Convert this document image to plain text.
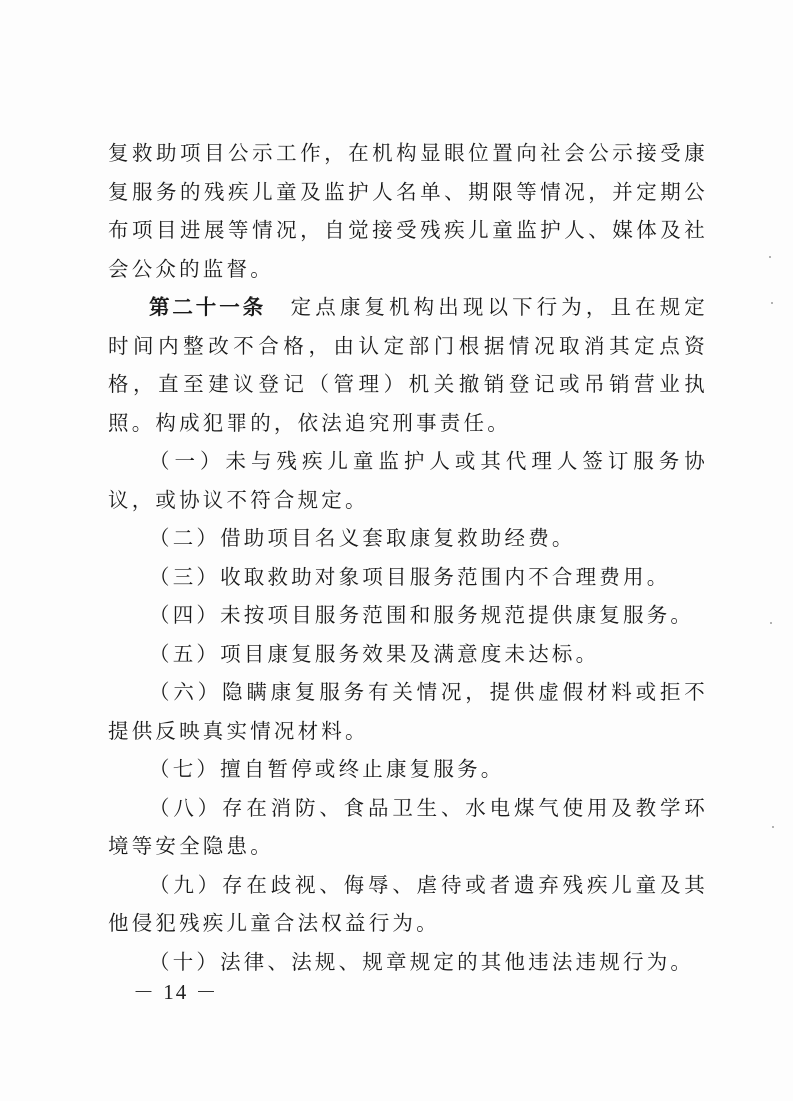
复救助项目公示工作，在机构显眼位置向社会公示接受康复服务的残疾儿童及监护人名单、期限等情况，并定期公布项目进展等情况，自觉接受残疾儿童监护人、媒体及社会公众的监督。

第二十一条　 定点康复机构出现以下行为，且在规定时间内整改不合格，由认定部门根据情况取消其定点资格，直至建议登记（管理）机关撤销登记或吊销营业执照。构成犯罪的，依法追究刑事责任。

（一）未与残疾儿童监护人或其代理人签订服务协议，或协议不符合规定。

（二）借助项目名义套取康复救助经费。

（三）收取救助对象项目服务范围内不合理费用。

（四）未按项目服务范围和服务规范提供康复服务。

（五）项目康复服务效果及满意度未达标。

（六）隐瞒康复服务有关情况，提供虚假材料或拒不提供反映真实情况材料。

（七）擅自暂停或终止康复服务。

（八）存在消防、食品卫生、水电煤气使用及教学环境等安全隐患。

（九）存在歧视、侮辱、虐待或者遗弃残疾儿童及其他侵犯残疾儿童合法权益行为。

（十）法律、法规、规章规定的其他违法违规行为。

－ 14 －
